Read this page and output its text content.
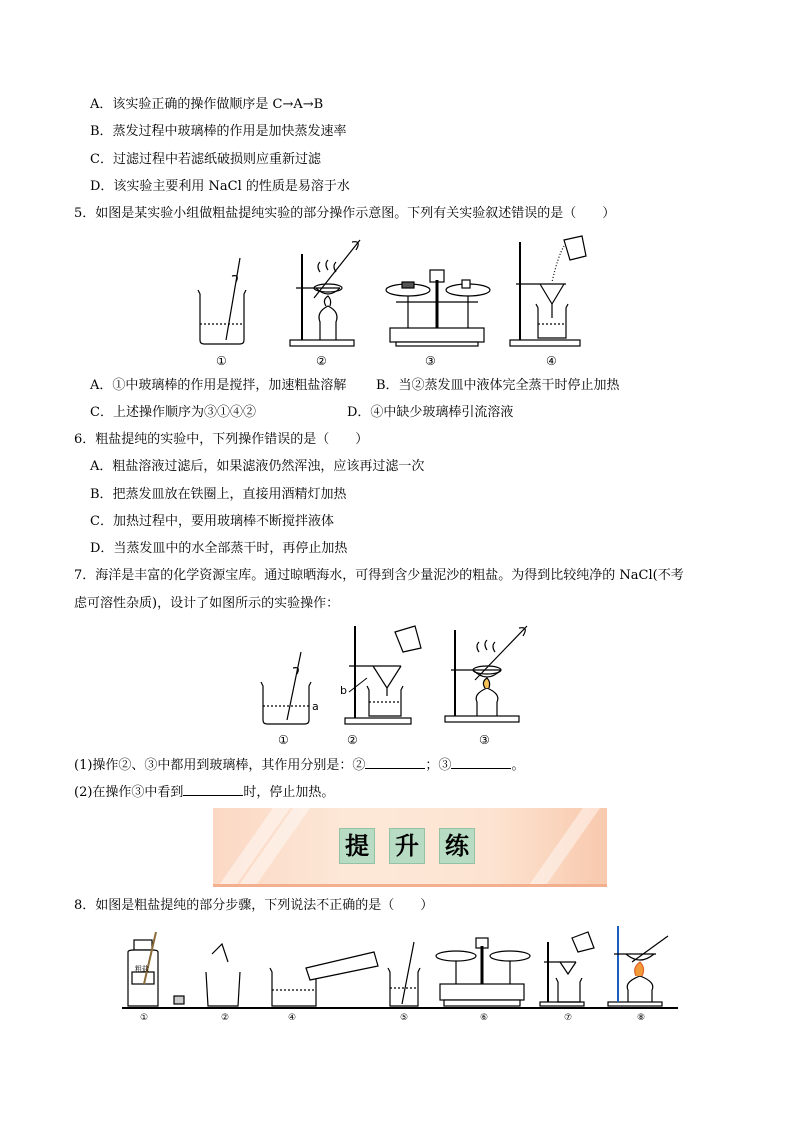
A．该实验正确的操作做顺序是 C→A→B
B．蒸发过程中玻璃棒的作用是加快蒸发速率
C．过滤过程中若滤纸破损则应重新过滤
D．该实验主要利用 NaCl 的性质是易溶于水
5．如图是某实验小组做粗盐提纯实验的部分操作示意图。下列有关实验叙述错误的是（　　）
①	②	③	④
A．①中玻璃棒的作用是搅拌，加速粗盐溶解 B．当②蒸发皿中液体完全蒸干时停止加热
C．上述操作顺序为③①④②	D．④中缺少玻璃棒引流溶液
6．粗盐提纯的实验中，下列操作错误的是（　　）
A．粗盐溶液过滤后，如果滤液仍然浑浊，应该再过滤一次
B．把蒸发皿放在铁圈上，直接用酒精灯加热
C．加热过程中，要用玻璃棒不断搅拌液体
D．当蒸发皿中的水全部蒸干时，再停止加热
7．海洋是丰富的化学资源宝库。通过晾晒海水，可得到含少量泥沙的粗盐。为得到比较纯净的 NaCl(不考
虑可溶性杂质)，设计了如图所示的实验操作：
a
b
①	②	③
(1)操作②、③中都用到玻璃棒，其作用分别是：②	；③	。
(2)在操作③中看到	时，停止加热。
提 升 练
8．如图是粗盐提纯的部分步骤，下列说法不正确的是（　　）
粗盐
①	②	④	⑤	⑥	⑦	⑧
